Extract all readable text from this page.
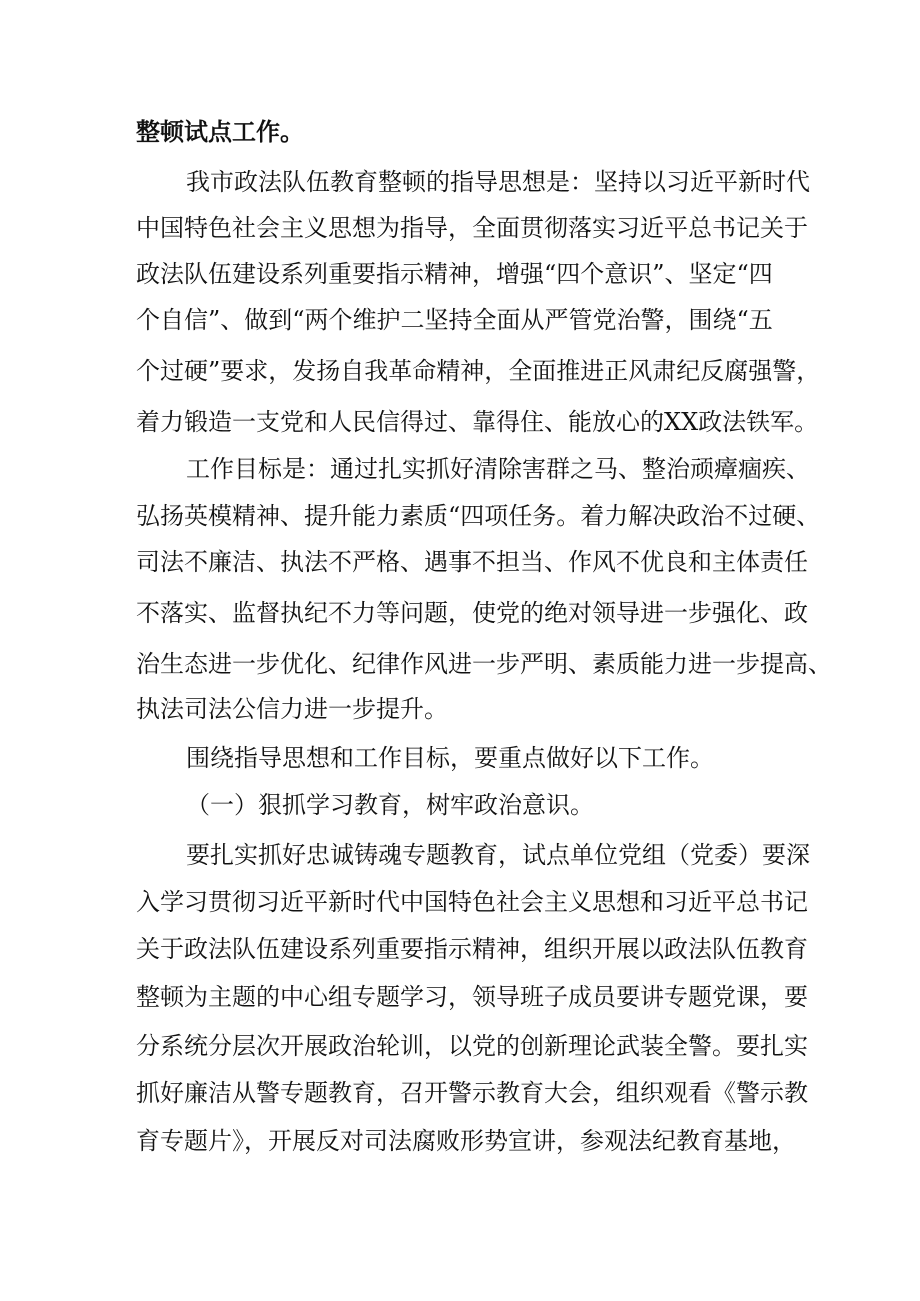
整顿试点工作。
我市政法队伍教育整顿的指导思想是：坚持以习近平新时代
中国特色社会主义思想为指导，全面贯彻落实习近平总书记关于
政法队伍建设系列重要指示精神，增强“四个意识”、坚定“四
个自信”、做到“两个维护二坚持全面从严管党治警，围绕“五
个过硬”要求，发扬自我革命精神，全面推进正风肃纪反腐强警，
着力锻造一支党和人民信得过、靠得住、能放心的XX政法铁军。
工作目标是：通过扎实抓好清除害群之马、整治顽瘴痼疾、
弘扬英模精神、提升能力素质“四项任务。着力解决政治不过硬、
司法不廉洁、执法不严格、遇事不担当、作风不优良和主体责任
不落实、监督执纪不力等问题，使党的绝对领导进一步强化、政
治生态进一步优化、纪律作风进一步严明、素质能力进一步提高、
执法司法公信力进一步提升。
围绕指导思想和工作目标，要重点做好以下工作。
（一）狠抓学习教育，树牢政治意识。
要扎实抓好忠诚铸魂专题教育，试点单位党组（党委）要深
入学习贯彻习近平新时代中国特色社会主义思想和习近平总书记
关于政法队伍建设系列重要指示精神，组织开展以政法队伍教育
整顿为主题的中心组专题学习，领导班子成员要讲专题党课，要
分系统分层次开展政治轮训，以党的创新理论武装全警。要扎实
抓好廉洁从警专题教育，召开警示教育大会，组织观看《警示教
育专题片》，开展反对司法腐败形势宣讲，参观法纪教育基地，
